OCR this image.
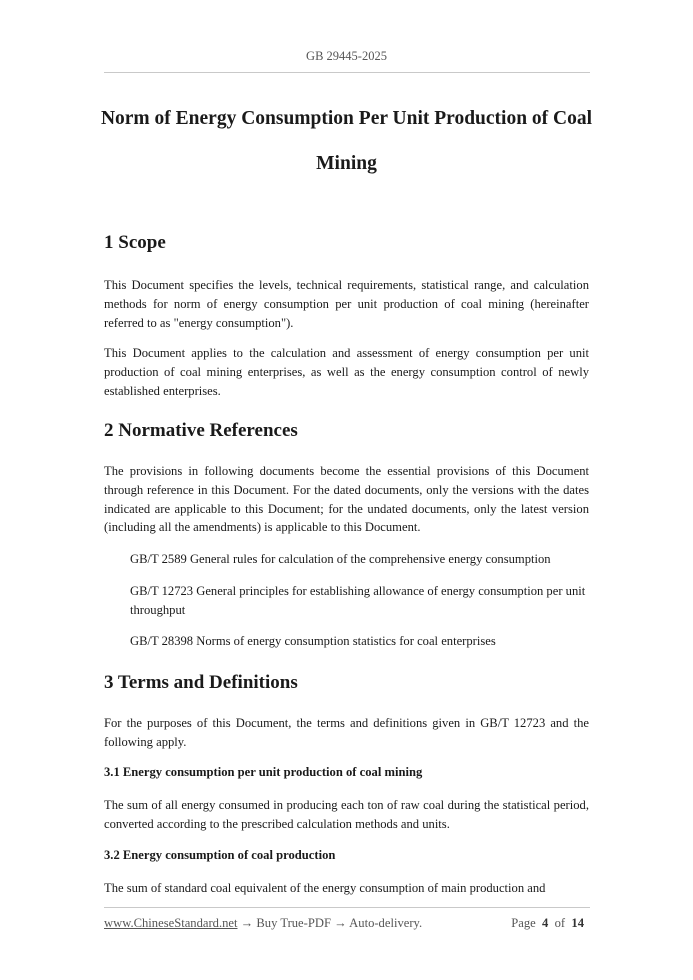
GB 29445-2025
Norm of Energy Consumption Per Unit Production of Coal
Mining
1 Scope
This Document specifies the levels, technical requirements, statistical range, and calculation methods for norm of energy consumption per unit production of coal mining (hereinafter referred to as "energy consumption").
This Document applies to the calculation and assessment of energy consumption per unit production of coal mining enterprises, as well as the energy consumption control of newly established enterprises.
2 Normative References
The provisions in following documents become the essential provisions of this Document through reference in this Document. For the dated documents, only the versions with the dates indicated are applicable to this Document; for the undated documents, only the latest version (including all the amendments) is applicable to this Document.
GB/T 2589 General rules for calculation of the comprehensive energy consumption
GB/T 12723 General principles for establishing allowance of energy consumption per unit throughput
GB/T 28398 Norms of energy consumption statistics for coal enterprises
3 Terms and Definitions
For the purposes of this Document, the terms and definitions given in GB/T 12723 and the following apply.
3.1 Energy consumption per unit production of coal mining
The sum of all energy consumed in producing each ton of raw coal during the statistical period, converted according to the prescribed calculation methods and units.
3.2 Energy consumption of coal production
The sum of standard coal equivalent of the energy consumption of main production and
www.ChineseStandard.net → Buy True-PDF → Auto-delivery.	Page 4 of 14
